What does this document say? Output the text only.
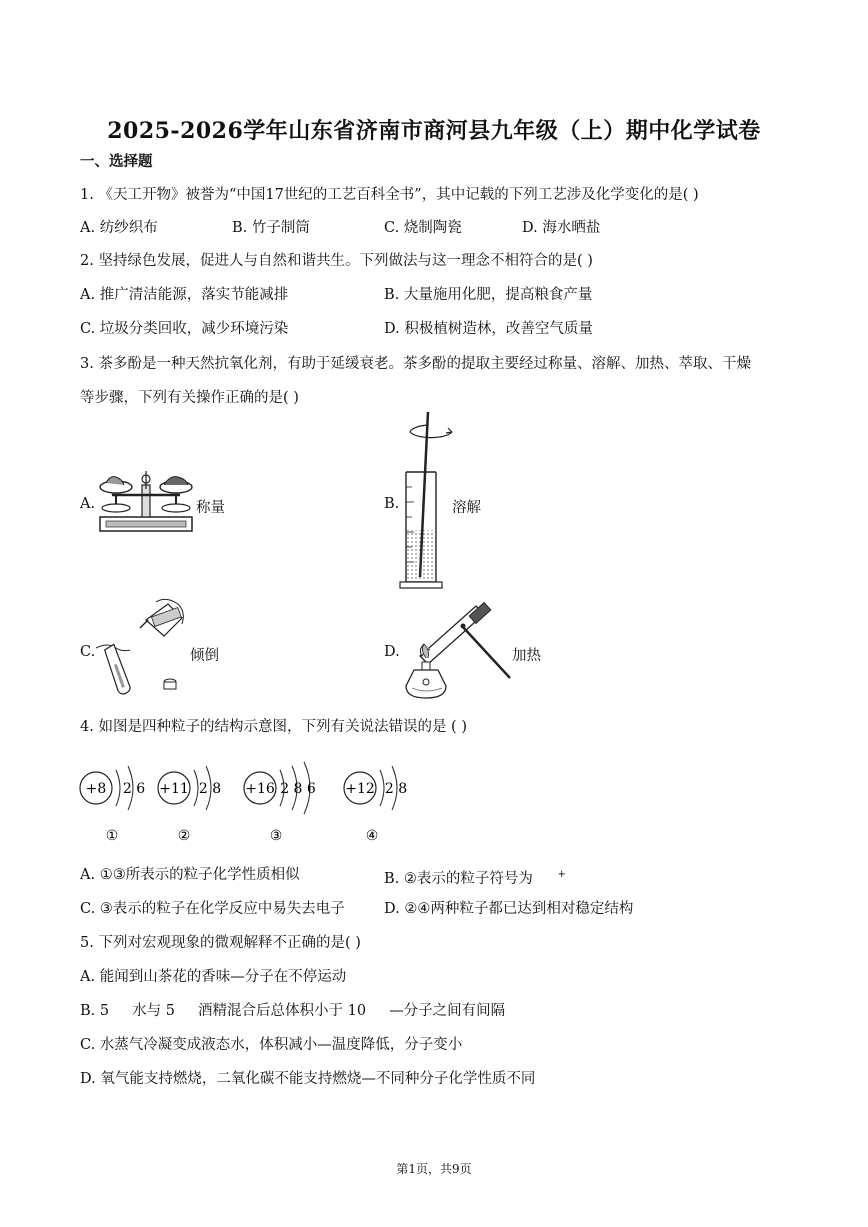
2025-2026学年山东省济南市商河县九年级（上）期中化学试卷
一、选择题
1. 《天工开物》被誉为“中国17世纪的工艺百科全书”，其中记载的下列工艺涉及化学变化的是( )
A. 纺纱织布	B. 竹子制筒	C. 烧制陶瓷	D. 海水晒盐
2. 坚持绿色发展，促进人与自然和谐共生。下列做法与这一理念不相符合的是( )
A. 推广清洁能源，落实节能减排	B. 大量施用化肥，提高粮食产量
C. 垃圾分类回收，减少环境污染	D. 积极植树造林，改善空气质量
3. 茶多酚是一种天然抗氧化剂，有助于延缓衰老。茶多酚的提取主要经过称量、溶解、加热、萃取、干燥
等步骤，下列有关操作正确的是( )
A.	称量	B.	溶解
C.	倾倒	D.	加热
4. 如图是四种粒子的结构示意图，下列有关说法错误的是 ( )
+8 2 6
①
+11 2 8
②
+16 2 8 6
③
+12 2 8
④
A. ①③所表示的粒子化学性质相似	B. ②表示的粒子符号为 +
C. ③表示的粒子在化学反应中易失去电子	D. ②④两种粒子都已达到相对稳定结构
5. 下列对宏观现象的微观解释不正确的是( )
A. 能闻到山茶花的香味—分子在不停运动
B. 5     水与 5     酒精混合后总体积小于 10     —分子之间有间隔
C. 水蒸气冷凝变成液态水，体积减小—温度降低，分子变小
D. 氧气能支持燃烧，二氧化碳不能支持燃烧—不同种分子化学性质不同
第1页，共9页
